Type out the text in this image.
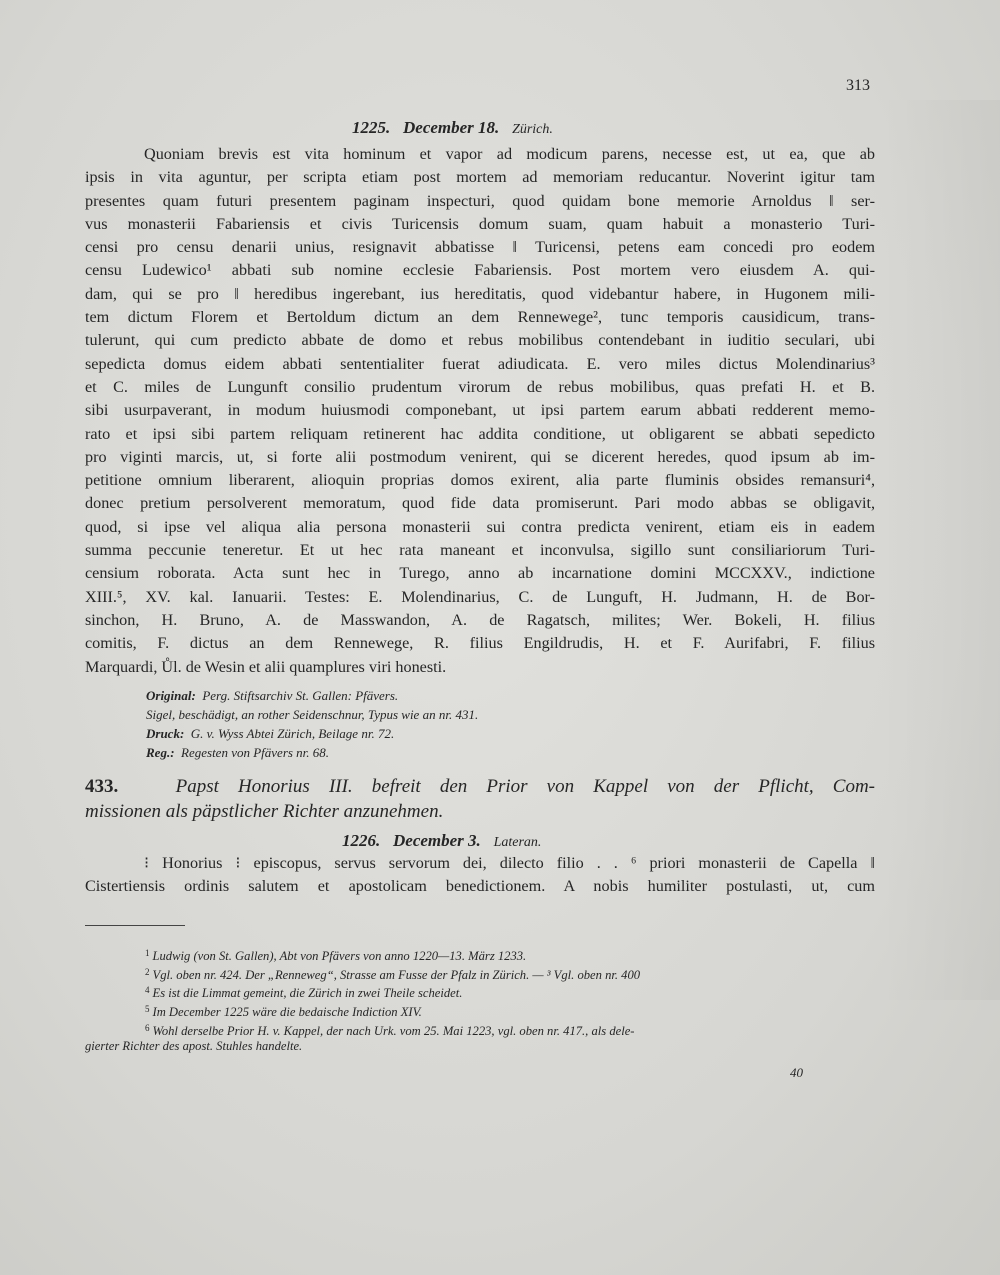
313
1225. December 18. Zürich.
Quoniam brevis est vita hominum et vapor ad modicum parens, necesse est, ut ea, que ab
ipsis in vita aguntur, per scripta etiam post mortem ad memoriam reducantur. Noverint igitur tam
presentes quam futuri presentem paginam inspecturi, quod quidam bone memorie Arnoldus ‖ ser-
vus monasterii Fabariensis et civis Turicensis domum suam, quam habuit a monasterio Turi-
censi pro censu denarii unius, resignavit abbatisse ‖ Turicensi, petens eam concedi pro eodem
censu Ludewico¹ abbati sub nomine ecclesie Fabariensis. Post mortem vero eiusdem A. qui-
dam, qui se pro ‖ heredibus ingerebant, ius hereditatis, quod videbantur habere, in Hugonem mili-
tem dictum Florem et Bertoldum dictum an dem Rennewege², tunc temporis causidicum, trans-
tulerunt, qui cum predicto abbate de domo et rebus mobilibus contendebant in iuditio seculari, ubi
sepedicta domus eidem abbati sententialiter fuerat adiudicata. E. vero miles dictus Molendinarius³
et C. miles de Lungunft consilio prudentum virorum de rebus mobilibus, quas prefati H. et B.
sibi usurpaverant, in modum huiusmodi componebant, ut ipsi partem earum abbati redderent memo-
rato et ipsi sibi partem reliquam retinerent hac addita conditione, ut obligarent se abbati sepedicto
pro viginti marcis, ut, si forte alii postmodum venirent, qui se dicerent heredes, quod ipsum ab im-
petitione omnium liberarent, alioquin proprias domos exirent, alia parte fluminis obsides remansuri⁴,
donec pretium persolverent memoratum, quod fide data promiserunt. Pari modo abbas se obligavit,
quod, si ipse vel aliqua alia persona monasterii sui contra predicta venirent, etiam eis in eadem
summa peccunie teneretur. Et ut hec rata maneant et inconvulsa, sigillo sunt consiliariorum Turi-
censium roborata. Acta sunt hec in Turego, anno ab incarnatione domini MCCXXV., indictione
XIII.⁵, XV. kal. Ianuarii. Testes: E. Molendinarius, C. de Lunguft, H. Judmann, H. de Bor-
sinchon, H. Bruno, A. de Masswandon, A. de Ragatsch, milites; Wer. Bokeli, H. filius
comitis, F. dictus an dem Rennewege, R. filius Engildrudis, H. et F. Aurifabri, F. filius
Marquardi, Ůl. de Wesin et alii quamplures viri honesti.
Original: Perg. Stiftsarchiv St. Gallen: Pfävers.
Sigel, beschädigt, an rother Seidenschnur, Typus wie an nr. 431.
Druck: G. v. Wyss Abtei Zürich, Beilage nr. 72.
Reg.: Regesten von Pfävers nr. 68.
433.	Papst Honorius III. befreit den Prior von Kappel von der Pflicht, Com-
missionen als päpstlicher Richter anzunehmen.
1226. December 3. Lateran.
⁝ Honorius ⁝ episcopus, servus servorum dei, dilecto filio . . ⁶ priori monasterii de Capella ‖
Cistertiensis ordinis salutem et apostolicam benedictionem. A nobis humiliter postulasti, ut, cum
$^1$ Ludwig (von St. Gallen), Abt von Pfävers von anno 1220—13. März 1233.
$^2$ Vgl. oben nr. 424. Der „Renneweg“, Strasse am Fusse der Pfalz in Zürich. — ³ Vgl. oben nr. 400
$^4$ Es ist die Limmat gemeint, die Zürich in zwei Theile scheidet.
$^5$ Im December 1225 wäre die bedaische Indiction XIV.
$^6$ Wohl derselbe Prior H. v. Kappel, der nach Urk. vom 25. Mai 1223, vgl. oben nr. 417., als dele-
gierter Richter des apost. Stuhles handelte.
40
